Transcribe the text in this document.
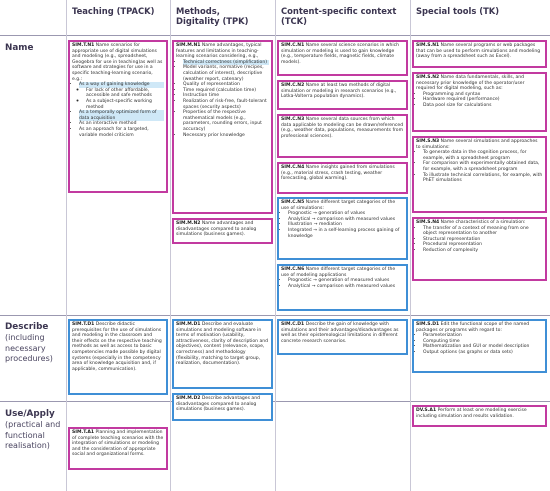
Teaching (TPACK)	Methods, Digitality (TPK)
Content-specific context (TCK)
Special tools (TK)
Name
Describe
(including necessary procedures)
Use/Apply
(practical and functional realisation)
SIM.T.N1 Name scenarios for appropriate use of digital simulations and modeling (e.g., spreadsheet, Geogebra for use in teaching)as well as software and strategies for use in a specific teaching-learning scenario, e.g.:
• As a way of gaining knowledge
◦ For lack of other affordable, accessible and safe methods
◦ As a subject-specific working method
• As a temporally optimized form of data acquisition
• As an interactive method
• As an approach for a targeted, variable model criticism
SIM.M.N1 Name advantages, typical features and limitations in teaching-learning scenarios considering, e.g.,
• Technical correctness (simplification)
• Model variants, normative (recipes, calculation of interest), descriptive (weather report, catenary)
• Quality of representation
• Time required (calculation time)
• Instruction time
• Realization of risk-free, fault-tolerant spaces (security aspects)
• Properties of the respective mathematical models (e.g., parameters, rounding errors, input accuracy)
• Necessary prior knowledge
SIM.M.N2 Name advantages and disadvantages compared to analog simulations (business games).
SIM.C.N1 Name several science scenarios in which simulation or modeling is used to gain knowledge (e.g., temperature fields, magnetic fields, climate models).
SIM.C.N2 Name at least two methods of digital simulation or modeling in research scenarios (e.g., Lotka-Volterra population dynamics).
SIM.C.N3 Name several data sources from which data applicable to modeling can be drawn/referenced (e.g., weather data, populations, measurements from professional sciences).
SIM.C.N4 Name insights gained from simulations (e.g., material stress, crash testing, weather forecasting, global warming).
SIM.C.N5 Name different target categories of the use of simulations:
• Prognostic → generation of values
• Analytical → comparison with measured values
• Illustration → mediation
• Integrated → in a self-learning process gaining of knowledge
SIM.C.N6 Name different target categories of the use of modeling applications
• Prognostic → generation of measured values
• Analytical → comparison with measured values
SIM.S.N1 Name several programs or web packages that can be used to perform simulations and modeling (away from a spreadsheet such as Excel).
SIM.S.N2 Name data fundamentals, skills, and necessary prior knowledge of the operator/user required for digital modeling, such as:
• Programming and syntax
• Hardware required (performance)
• Data pool size for calculations
SIM.S.N3 Name several simulations and approaches to simulations:
• To generate data in the cognition process, for example, with a spreadsheet program
• For comparison with experimentally obtained data, for example, with a spreadsheet program
• To illustrate technical correlations, for example, with PhET simulations
SIM.S.N4 Name characteristics of a simulation:
• The transfer of a context of meaning from one object representation to another
• Structural representation
• Procedural representation
• Reduction of complexity
SIM.T.D1 Describe didactic prerequisites for the use of simulations and modeling in the classroom and their effects on the respective teaching methods as well as access to basic competencies made possible by digital systems (especially in the competency area of knowledge acquisition and, if applicable, communication).
SIM.M.D1 Describe and evaluate simulations and modeling software in terms of motivation (usability, attractiveness, clarity of description and objectives), content (relevance, scope, correctness) and methodology (flexibility, matching to target group, realization, documentation).
SIM.M.D2 Describe advantages and disadvantages compared to analog simulations (business games).
SIM.C.D1 Describe the gain of knowledge with simulations and their advantages/disadvantages as well as their epistemological limitations in different concrete research scenarios.
SIM.S.D1 Edit the functional scope of the named packages or programs with regard to:
• Parameterization
• Computing time
• Mathematization and GUI or model description
• Output options (as graphs or data sets)
SIM.T.A1 Planning and implementation of complete teaching scenarios with the integration of simulations or modeling and the consideration of appropriate social and organizational forms.
DV.S.A1 Perform at least one modeling exercise including simulation and results validation.
